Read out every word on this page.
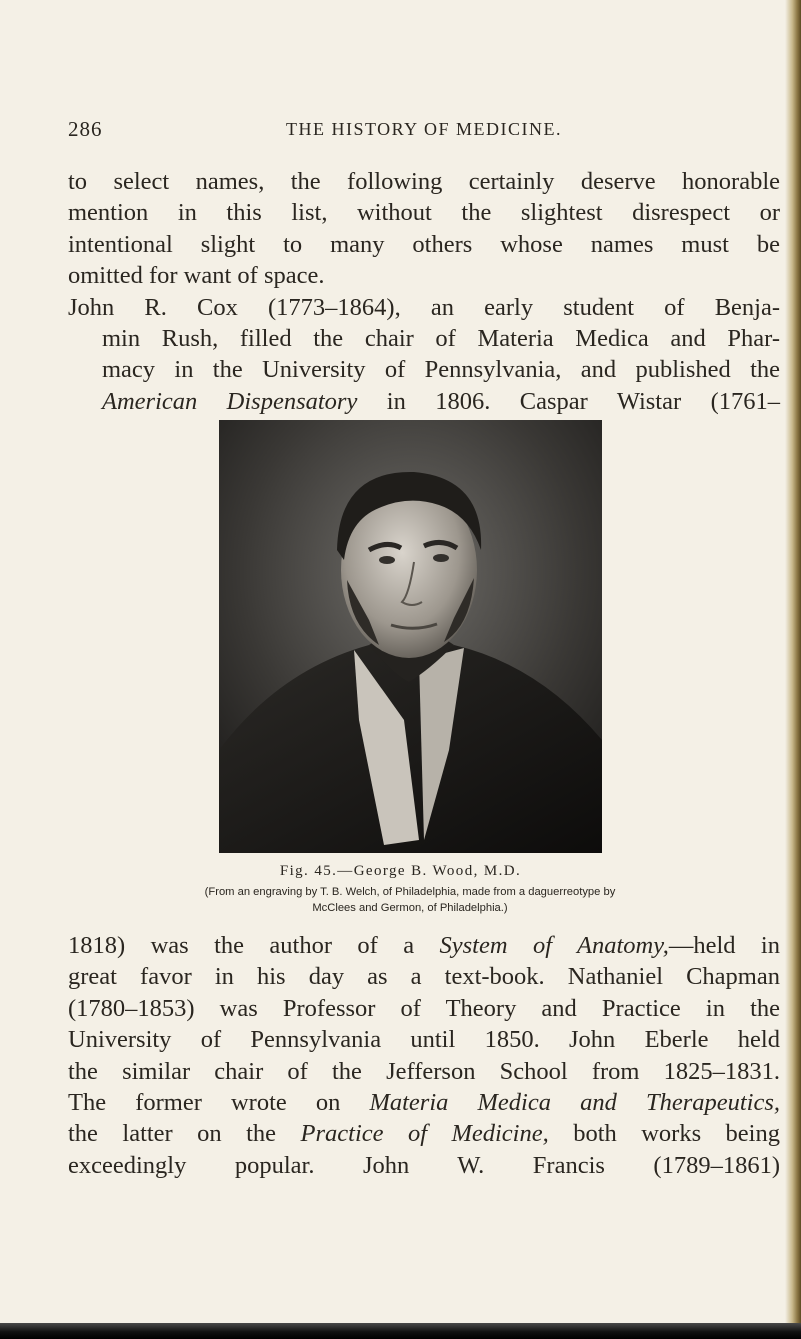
286	THE HISTORY OF MEDICINE.

to select names, the following certainly deserve honorable
mention in this list, without the slightest disrespect or
intentional slight to many others whose names must be
omitted for want of space.

John R. Cox (1773–1864), an early student of Benja-
min Rush, filled the chair of Materia Medica and Phar-
macy in the University of Pennsylvania, and published the
American Dispensatory in 1806. Caspar Wistar (1761–

Fig. 45.—George B. Wood, M.D.
(From an engraving by T. B. Welch, of Philadelphia, made from a daguerreotype by McClees and Germon, of Philadelphia.)
1818) was the author of a System of Anatomy,—held in
great favor in his day as a text-book. Nathaniel Chapman
(1780–1853) was Professor of Theory and Practice in the
University of Pennsylvania until 1850. John Eberle held
the similar chair of the Jefferson School from 1825–1831.
The former wrote on Materia Medica and Therapeutics,
the latter on the Practice of Medicine, both works being
exceedingly popular. John W. Francis (1789–1861)
